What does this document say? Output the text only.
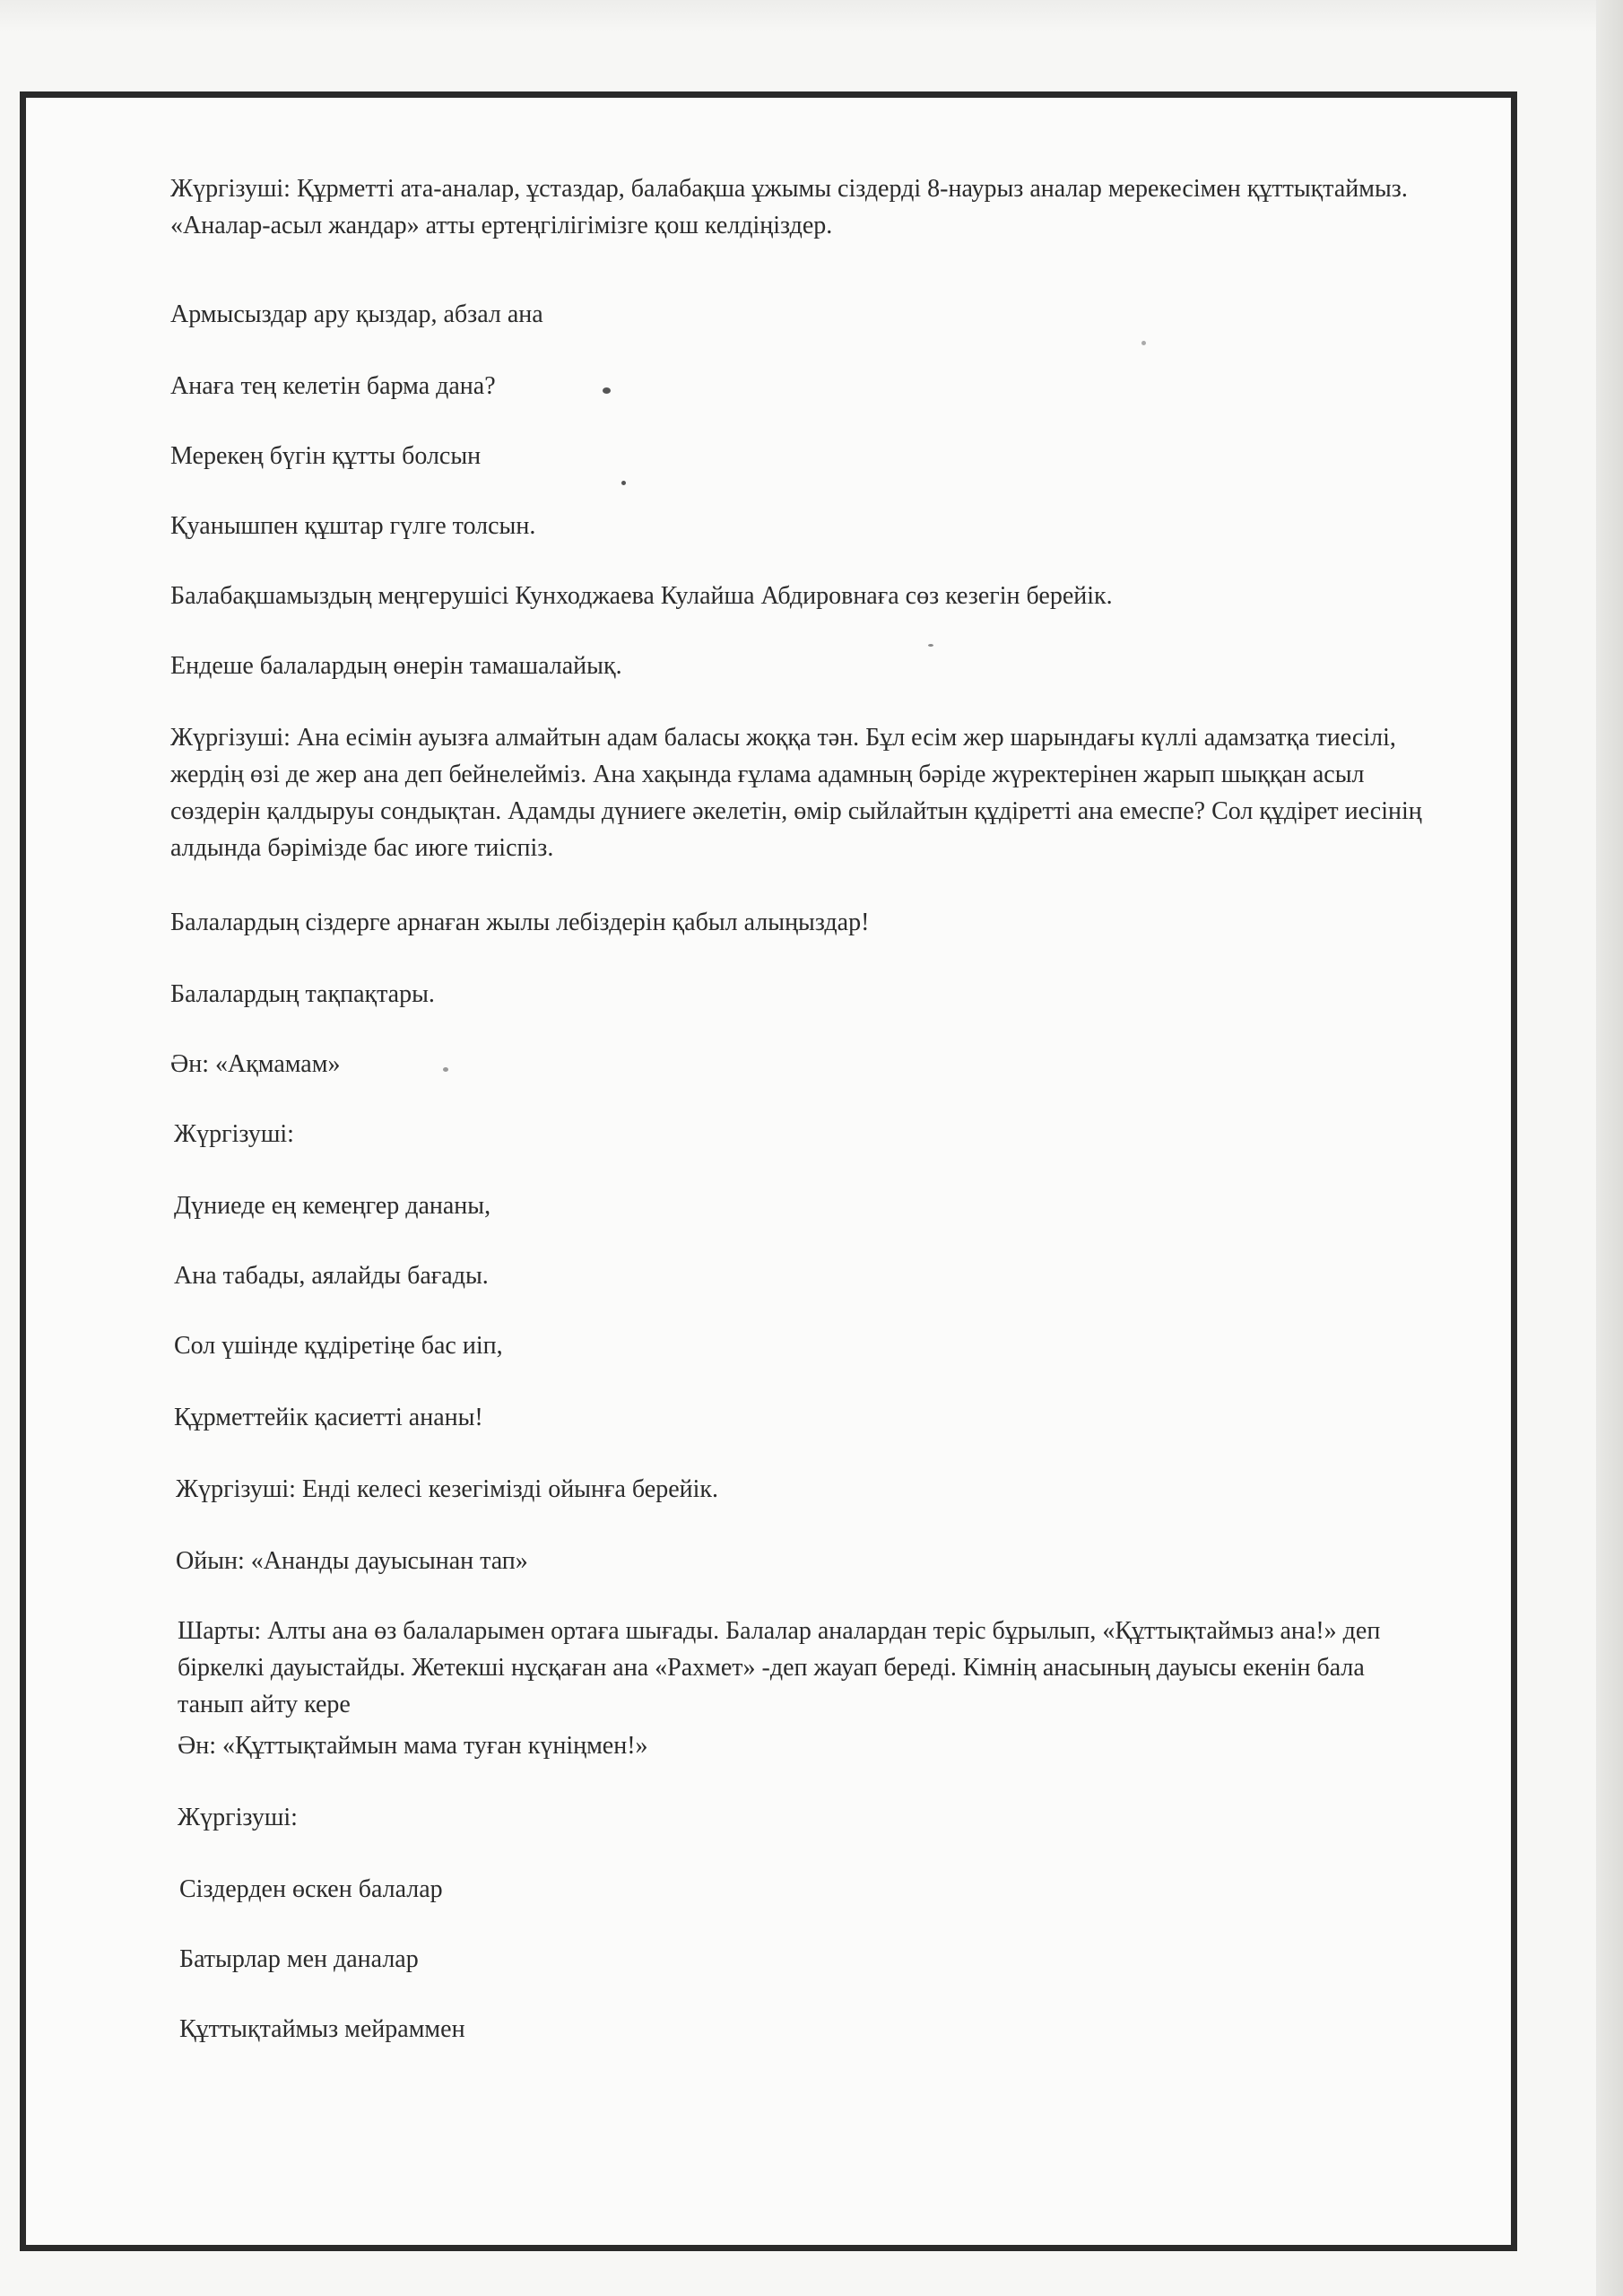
Жүргізуші: Құрметті ата-аналар, ұстаздар, балабақша ұжымы сіздерді 8-наурыз аналар мерекесімен құттықтаймыз. «Аналар-асыл жандар» атты ертеңгілігімізге қош келдіңіздер.

Армысыздар ару қыздар, абзал ана

Анаға тең келетін барма дана?

Мерекең бүгін құтты болсын

Қуанышпен құштар гүлге толсын.

Балабақшамыздың меңгерушісі Кунходжаева Кулайша Абдировнаға сөз кезегін берейік.

Ендеше балалардың өнерін тамашалайық.

Жүргізуші: Ана есімін ауызға алмайтын адам баласы жоққа тән. Бұл есім жер шарындағы күллі адамзатқа тиесілі, жердің өзі де жер ана деп бейнелейміз. Ана хақында ғұлама адамның бәріде жүректерінен жарып шыққан асыл сөздерін қалдыруы сондықтан. Адамды дүниеге әкелетін, өмір сыйлайтын құдіретті ана емеспе? Сол құдірет иесінің алдында бәрімізде бас июге тиіспіз.

Балалардың сіздерге арнаған жылы лебіздерін қабыл алыңыздар!

Балалардың тақпақтары.

Ән: «Ақмамам»

Жүргізуші:

Дүниеде ең кемеңгер дананы,

Ана табады, аялайды бағады.

Сол үшінде құдіретіңе бас иіп,

Құрметтейік қасиетті ананы!

Жүргізуші: Енді келесі кезегімізді ойынға берейік.

Ойын: «Ананды дауысынан тап»

Шарты: Алты ана өз балаларымен ортаға шығады. Балалар аналардан теріс бұрылып, «Құттықтаймыз ана!» деп біркелкі дауыстайды. Жетекші нұсқаған ана «Рахмет» -деп жауап береді. Кімнің анасының дауысы екенін бала танып айту кере

Ән: «Құттықтаймын мама туған күніңмен!»

Жүргізуші:

Сіздерден өскен балалар

Батырлар мен даналар

Құттықтаймыз мейраммен
